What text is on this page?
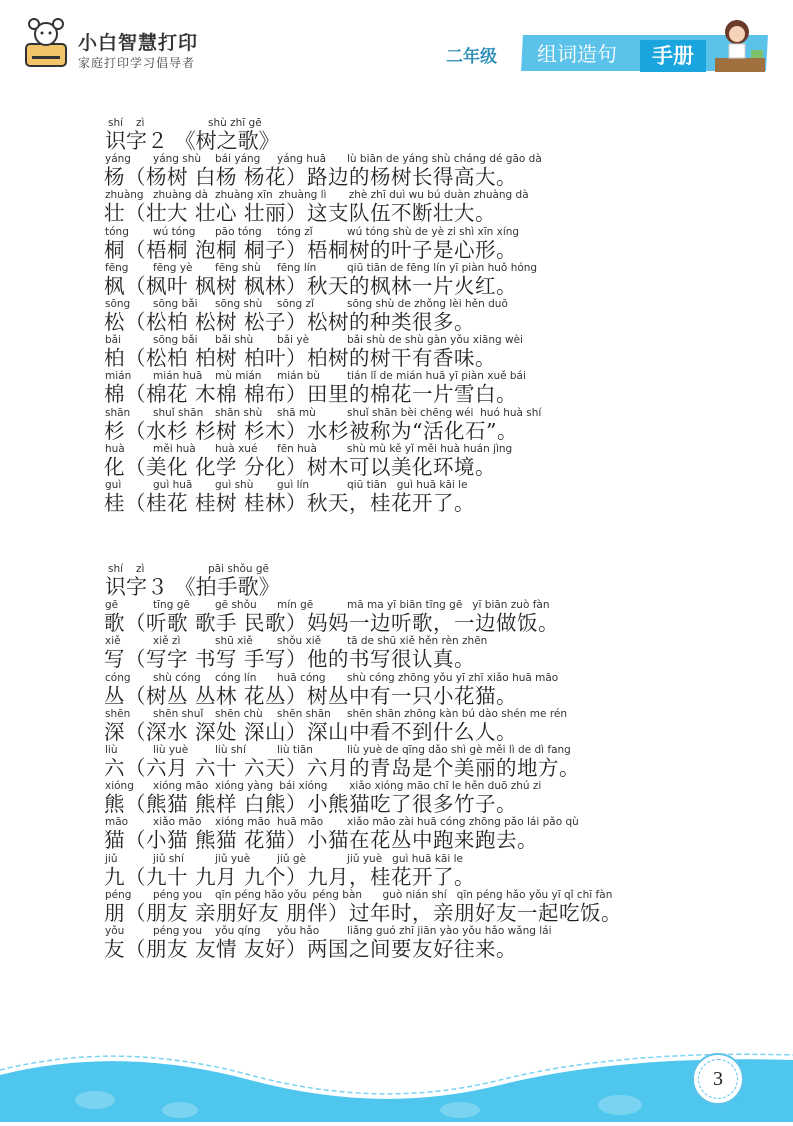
小白智慧打印
家庭打印学习倡导者	二年级 组词造句	手册
shí zì	shù zhī gē
识字２ 《树之歌》
yáng	yáng shù	bái yáng	yáng huā	lù biān de yáng shù cháng dé gāo dà
杨（杨树 白杨 杨花）路边的杨树长得高大。
zhuàng zhuàng dà zhuàng xīn zhuàng lì	zhè zhī duì wu bú duàn zhuàng dà
壮（壮大 壮心 壮丽）这支队伍不断壮大。
tóng	wú tóng	pāo tóng	tóng zǐ	wú tóng shù de yè zi shì xīn xíng
桐（梧桐 泡桐 桐子）梧桐树的叶子是心形。
fēng	fēng yè	fēng shù	fēng lín	qiū tiān de fēng lín yī piàn huǒ hóng
枫（枫叶 枫树 枫林）秋天的枫林一片火红。
sōng	sōng bǎi	sōng shù	sōng zǐ	sōng shù de zhǒng lèi hěn duō
松（松柏 松树 松子）松树的种类很多。
bǎi	sōng bǎi	bǎi shù	bǎi yè	bǎi shù de shù gàn yǒu xiāng wèi
柏（松柏 柏树 柏叶）柏树的树干有香味。
mián	mián huā	mù mián	mián bù	tián lǐ de mián huā yī piàn xuě bái
棉（棉花 木棉 棉布）田里的棉花一片雪白。
shān	shuǐ shān	shān shù	shā mù	shuǐ shān bèi chēng wéi  huó huà shí
杉（水杉 杉树 杉木）水杉被称为“活化石”。
huà	měi huà	huà xué	fēn huà	shù mù kě yǐ měi huà huán jìng
化（美化 化学 分化）树木可以美化环境。
guì	guì huā	guì shù	guì lín	qiū tiān   guì huā kāi le
桂（桂花 桂树 桂林）秋天，桂花开了。
shí zì	pāi shǒu gē
识字３ 《拍手歌》
gē	tīng gē	gē shǒu	mín gē	mā ma yī biān tīng gē   yī biān zuò fàn
歌（听歌 歌手 民歌）妈妈一边听歌，一边做饭。
xiě	xiě zì	shū xiě	shǒu xiě	tā de shū xiě hěn rèn zhēn
写（写字 书写 手写）他的书写很认真。
cóng	shù cóng	cóng lín	huā cóng	shù cóng zhōng yǒu yī zhī xiǎo huā māo
丛（树丛 丛林 花丛）树丛中有一只小花猫。
shēn	shēn shuǐ	shēn chù	shēn shān	shēn shān zhōng kàn bú dào shén me rén
深（深水 深处 深山）深山中看不到什么人。
liù	liù yuè	liù shí	liù tiān	liù yuè de qīng dǎo shì gè měi lì de dì fang
六（六月 六十 六天）六月的青岛是个美丽的地方。
xióng	xióng māo xióng yàng bái xióng	xiǎo xióng māo chī le hěn duō zhú zi
熊（熊猫 熊样 白熊）小熊猫吃了很多竹子。
māo	xiǎo māo	xióng māo huā māo	xiǎo māo zài huā cóng zhōng pǎo lái pǎo qù
猫（小猫 熊猫 花猫）小猫在花丛中跑来跑去。
jiǔ	jiǔ shí	jiǔ yuè	jiǔ gè	jiǔ yuè   guì huā kāi le
九（九十 九月 九个）九月，桂花开了。
péng	péng you	qīn péng hǎo yǒu péng bàn	guò nián shí   qīn péng hǎo yǒu yī qǐ chī fàn
朋（朋友 亲朋好友 朋伴）过年时，亲朋好友一起吃饭。
yǒu	péng you	yǒu qíng	yǒu hǎo	liǎng guó zhī jiān yào yǒu hǎo wǎng lái
友（朋友 友情 友好）两国之间要友好往来。
3
